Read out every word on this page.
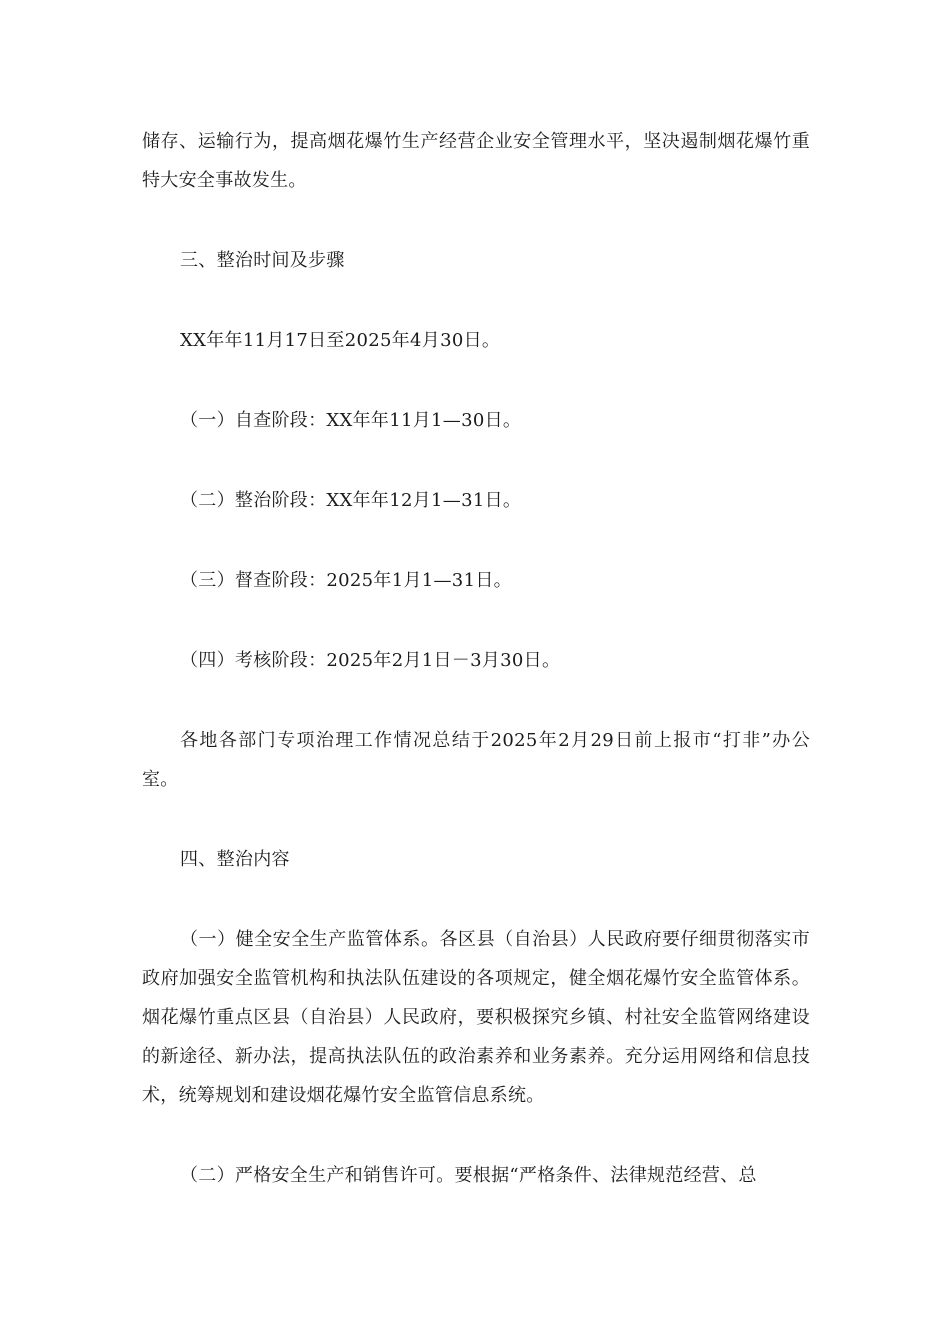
储存、运输行为，提高烟花爆竹生产经营企业安全管理水平，坚决遏制烟花爆竹重特大安全事故发生。

三、整治时间及步骤

XX年年11月17日至2025年4月30日。

（一）自查阶段：XX年年11月1—30日。

（二）整治阶段：XX年年12月1—31日。

（三）督查阶段：2025年1月1—31日。

（四）考核阶段：2025年2月1日－3月30日。

各地各部门专项治理工作情况总结于2025年2月29日前上报市“打非”办公室。

四、整治内容

（一）健全安全生产监管体系。各区县（自治县）人民政府要仔细贯彻落实市政府加强安全监管机构和执法队伍建设的各项规定，健全烟花爆竹安全监管体系。烟花爆竹重点区县（自治县）人民政府，要积极探究乡镇、村社安全监管网络建设的新途径、新办法，提高执法队伍的政治素养和业务素养。充分运用网络和信息技术，统筹规划和建设烟花爆竹安全监管信息系统。

（二）严格安全生产和销售许可。要根据“严格条件、法律规范经营、总
